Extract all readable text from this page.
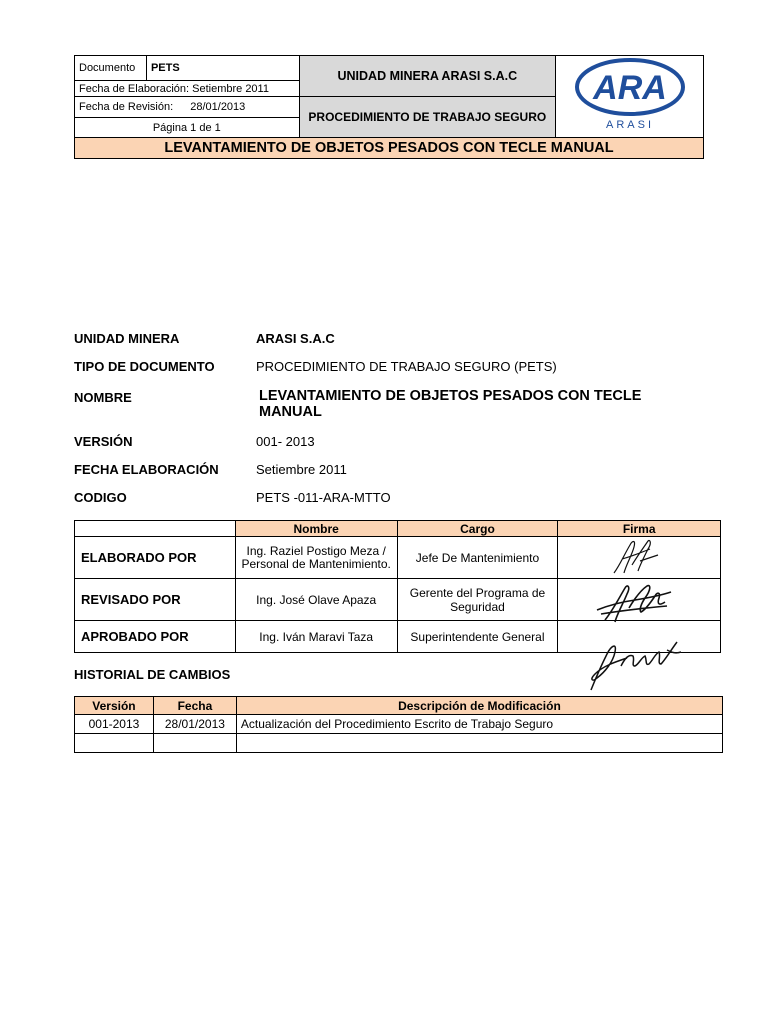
Documento	PETS	UNIDAD MINERA ARASI S.A.C	ARA
ARASI

Fecha de Elaboración: Setiembre 2011			
Fecha de Revisión: 28/01/2013		PROCEDIMIENTO DE TRABAJO SEGURO	
Página 1 de 1			
LEVANTAMIENTO DE OBJETOS PESADOS CON TECLE MANUAL			
UNIDAD MINERA	ARASI S.A.C
TIPO DE DOCUMENTO	PROCEDIMIENTO DE TRABAJO SEGURO (PETS)
NOMBRE	LEVANTAMIENTO DE OBJETOS PESADOS CON TECLE MANUAL
VERSIÓN	001- 2013
FECHA ELABORACIÓN	Setiembre 2011
CODIGO	PETS -011-ARA-MTTO
	Nombre	Cargo	Firma
ELABORADO POR	Ing. Raziel Postigo Meza / Personal de Mantenimiento.	Jefe De Mantenimiento	
REVISADO POR	Ing. José Olave Apaza	Gerente del Programa de Seguridad	
APROBADO POR	Ing. Iván Maravi Taza	Superintendente General	
HISTORIAL DE CAMBIOS
Versión	Fecha	Descripción de Modificación
001-2013	28/01/2013	Actualización del Procedimiento Escrito de Trabajo Seguro
